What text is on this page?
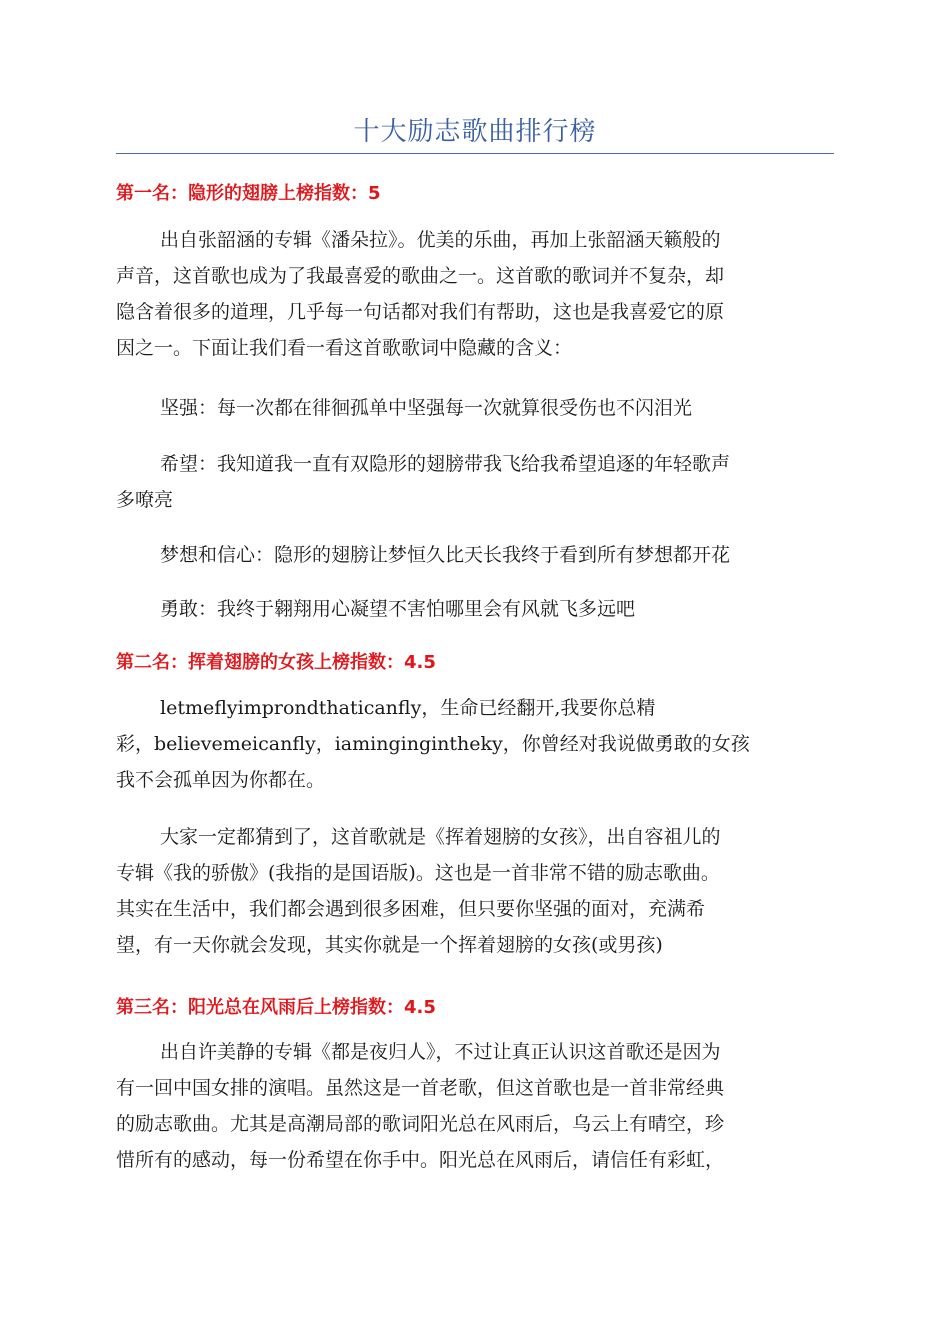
十大励志歌曲排行榜
第一名：隐形的翅膀上榜指数：5
出自张韶涵的专辑《潘朵拉》。优美的乐曲，再加上张韶涵天籁般的
声音，这首歌也成为了我最喜爱的歌曲之一。这首歌的歌词并不复杂，却
隐含着很多的道理，几乎每一句话都对我们有帮助，这也是我喜爱它的原
因之一。下面让我们看一看这首歌歌词中隐藏的含义：
坚强：每一次都在徘徊孤单中坚强每一次就算很受伤也不闪泪光
希望：我知道我一直有双隐形的翅膀带我飞给我希望追逐的年轻歌声
多嘹亮
梦想和信心：隐形的翅膀让梦恒久比天长我终于看到所有梦想都开花
勇敢：我终于翱翔用心凝望不害怕哪里会有风就飞多远吧
第二名：挥着翅膀的女孩上榜指数：4.5
letmeflyimprondthaticanfly，生命已经翻开,我要你总精
彩，believemeicanfly，iamingingintheky，你曾经对我说做勇敢的女孩
我不会孤单因为你都在。
大家一定都猜到了，这首歌就是《挥着翅膀的女孩》，出自容祖儿的
专辑《我的骄傲》(我指的是国语版)。这也是一首非常不错的励志歌曲。
其实在生活中，我们都会遇到很多困难，但只要你坚强的面对，充满希
望，有一天你就会发现，其实你就是一个挥着翅膀的女孩(或男孩)
第三名：阳光总在风雨后上榜指数：4.5
出自许美静的专辑《都是夜归人》，不过让真正认识这首歌还是因为
有一回中国女排的演唱。虽然这是一首老歌，但这首歌也是一首非常经典
的励志歌曲。尤其是高潮局部的歌词阳光总在风雨后，乌云上有晴空，珍
惜所有的感动，每一份希望在你手中。阳光总在风雨后，请信任有彩虹，
